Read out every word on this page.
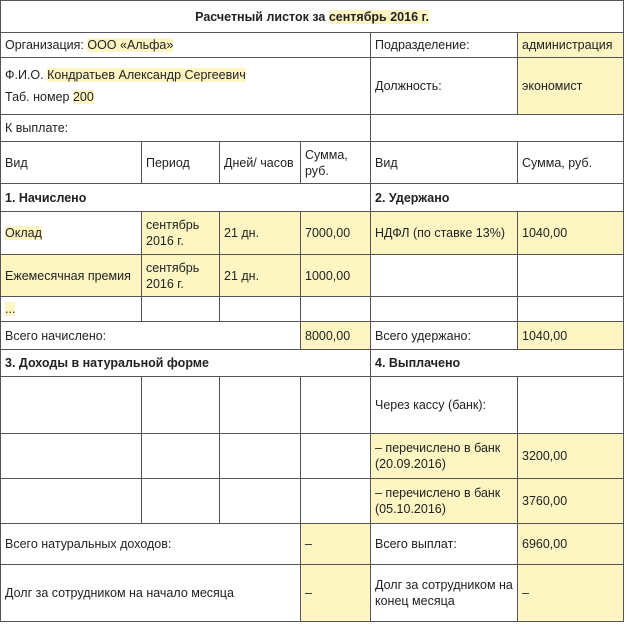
Расчетный листок за сентябрь 2016 г.					
Организация: ООО «Альфа»				Подразделение:	администрация

Ф.И.О. Кондратьев Александр Сергеевич
Таб. номер 200				Должность:	экономист
К выплате:					
Вид	Период	Дней/ часов	Сумма, руб.	Вид	Сумма, руб.
1. Начислено				2. Удержано	
Оклад	сентябрь 2016 г.	21 дн.	7000,00	НДФЛ (по ставке 13%)	1040,00
Ежемесячная премия	сентябрь 2016 г.	21 дн.	1000,00		
...					
Всего начислено:			8000,00	Всего удержано:	1040,00
3. Доходы в натуральной форме				4. Выплачено	
				Через кассу (банк):	
				– перечислено в банк (20.09.2016)	3200,00
				– перечислено в банк (05.10.2016)	3760,00
Всего натуральных доходов:			–	Всего выплат:	6960,00
Долг за сотрудником на начало месяца			–	Долг за сотрудником на конец месяца	–
